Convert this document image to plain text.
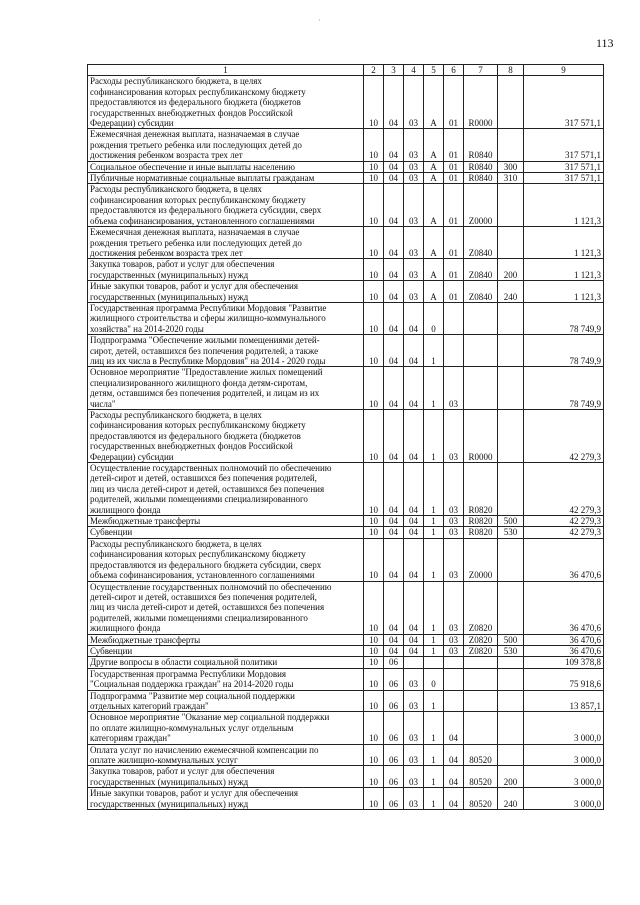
·
113
1	2	3	4	5	6	7	8	9

Расходы республиканского бюджета, в целях
софинансирования которых республиканскому бюджету
предоставляются из федерального бюджета (бюджетов
государственных внебюджетных фондов Российской
Федерации) субсидии	10	04	03	А	01	R0000		317 571,1

Ежемесячная денежная выплата, назначаемая в случае
рождения третьего ребенка или последующих детей до
достижения ребенком возраста трех лет	10	04	03	А	01	R0840		317 571,1

Социальное обеспечение и иные выплаты населению	10	04	03	А	01	R0840	300	317 571,1

Публичные нормативные социальные выплаты гражданам	10	04	03	А	01	R0840	310	317 571,1

Расходы республиканского бюджета, в целях
софинансирования которых республиканскому бюджету
предоставляются из федерального бюджета субсидии, сверх
объема софинансирования, установленного соглашениями	10	04	03	А	01	Z0000		1 121,3

Ежемесячная денежная выплата, назначаемая в случае
рождения третьего ребенка или последующих детей до
достижения ребенком возраста трех лет	10	04	03	А	01	Z0840		1 121,3

Закупка товаров, работ и услуг для обеспечения
государственных (муниципальных) нужд	10	04	03	А	01	Z0840	200	1 121,3

Иные закупки товаров, работ и услуг для обеспечения
государственных (муниципальных) нужд	10	04	03	А	01	Z0840	240	1 121,3

Государственная программа Республики Мордовия "Развитие
жилищного строительства и сферы жилищно-коммунального
хозяйства" на 2014-2020 годы	10	04	04	0				78 749,9

Подпрограмма "Обеспечение жилыми помещениями детей-
сирот, детей, оставшихся без попечения родителей, а также
лиц из их числа в Республике Мордовия" на 2014 - 2020 годы	10	04	04	1				78 749,9

Основное мероприятие "Предоставление жилых помещений
специализированного жилищного фонда детям-сиротам,
детям, оставшимся без попечения родителей, и лицам из их
числа"	10	04	04	1	03			78 749,9

Расходы республиканского бюджета, в целях
софинансирования которых республиканскому бюджету
предоставляются из федерального бюджета (бюджетов
государственных внебюджетных фондов Российской
Федерации) субсидии	10	04	04	1	03	R0000		42 279,3

Осуществление государственных полномочий по обеспечению
детей-сирот и детей, оставшихся без попечения родителей,
лиц из числа детей-сирот и детей, оставшихся без попечения
родителей, жилыми помещениями специализированного
жилищного фонда	10	04	04	1	03	R0820		42 279,3

Межбюджетные трансферты	10	04	04	1	03	R0820	500	42 279,3

Субвенции	10	04	04	1	03	R0820	530	42 279,3

Расходы республиканского бюджета, в целях
софинансирования которых республиканскому бюджету
предоставляются из федерального бюджета субсидии, сверх
объема софинансирования, установленного соглашениями	10	04	04	1	03	Z0000		36 470,6

Осуществление государственных полномочий по обеспечению
детей-сирот и детей, оставшихся без попечения родителей,
лиц из числа детей-сирот и детей, оставшихся без попечения
родителей, жилыми помещениями специализированного
жилищного фонда	10	04	04	1	03	Z0820		36 470,6

Межбюджетные трансферты	10	04	04	1	03	Z0820	500	36 470,6

Субвенции	10	04	04	1	03	Z0820	530	36 470,6

Другие вопросы в области социальной политики	10	06						109 378,8

Государственная программа Республики Мордовия
"Социальная поддержка граждан" на 2014-2020 годы	10	06	03	0				75 918,6

Подпрограмма "Развитие мер социальной поддержки
отдельных категорий граждан"	10	06	03	1				13 857,1

Основное мероприятие "Оказание мер социальной поддержки
по оплате жилищно-коммунальных услуг отдельным
категориям граждан"	10	06	03	1	04			3 000,0

Оплата услуг по начислению ежемесячной компенсации по
оплате жилищно-коммунальных услуг	10	06	03	1	04	80520		3 000,0

Закупка товаров, работ и услуг для обеспечения
государственных (муниципальных) нужд	10	06	03	1	04	80520	200	3 000,0

Иные закупки товаров, работ и услуг для обеспечения
государственных (муниципальных) нужд	10	06	03	1	04	80520	240	3 000,0
